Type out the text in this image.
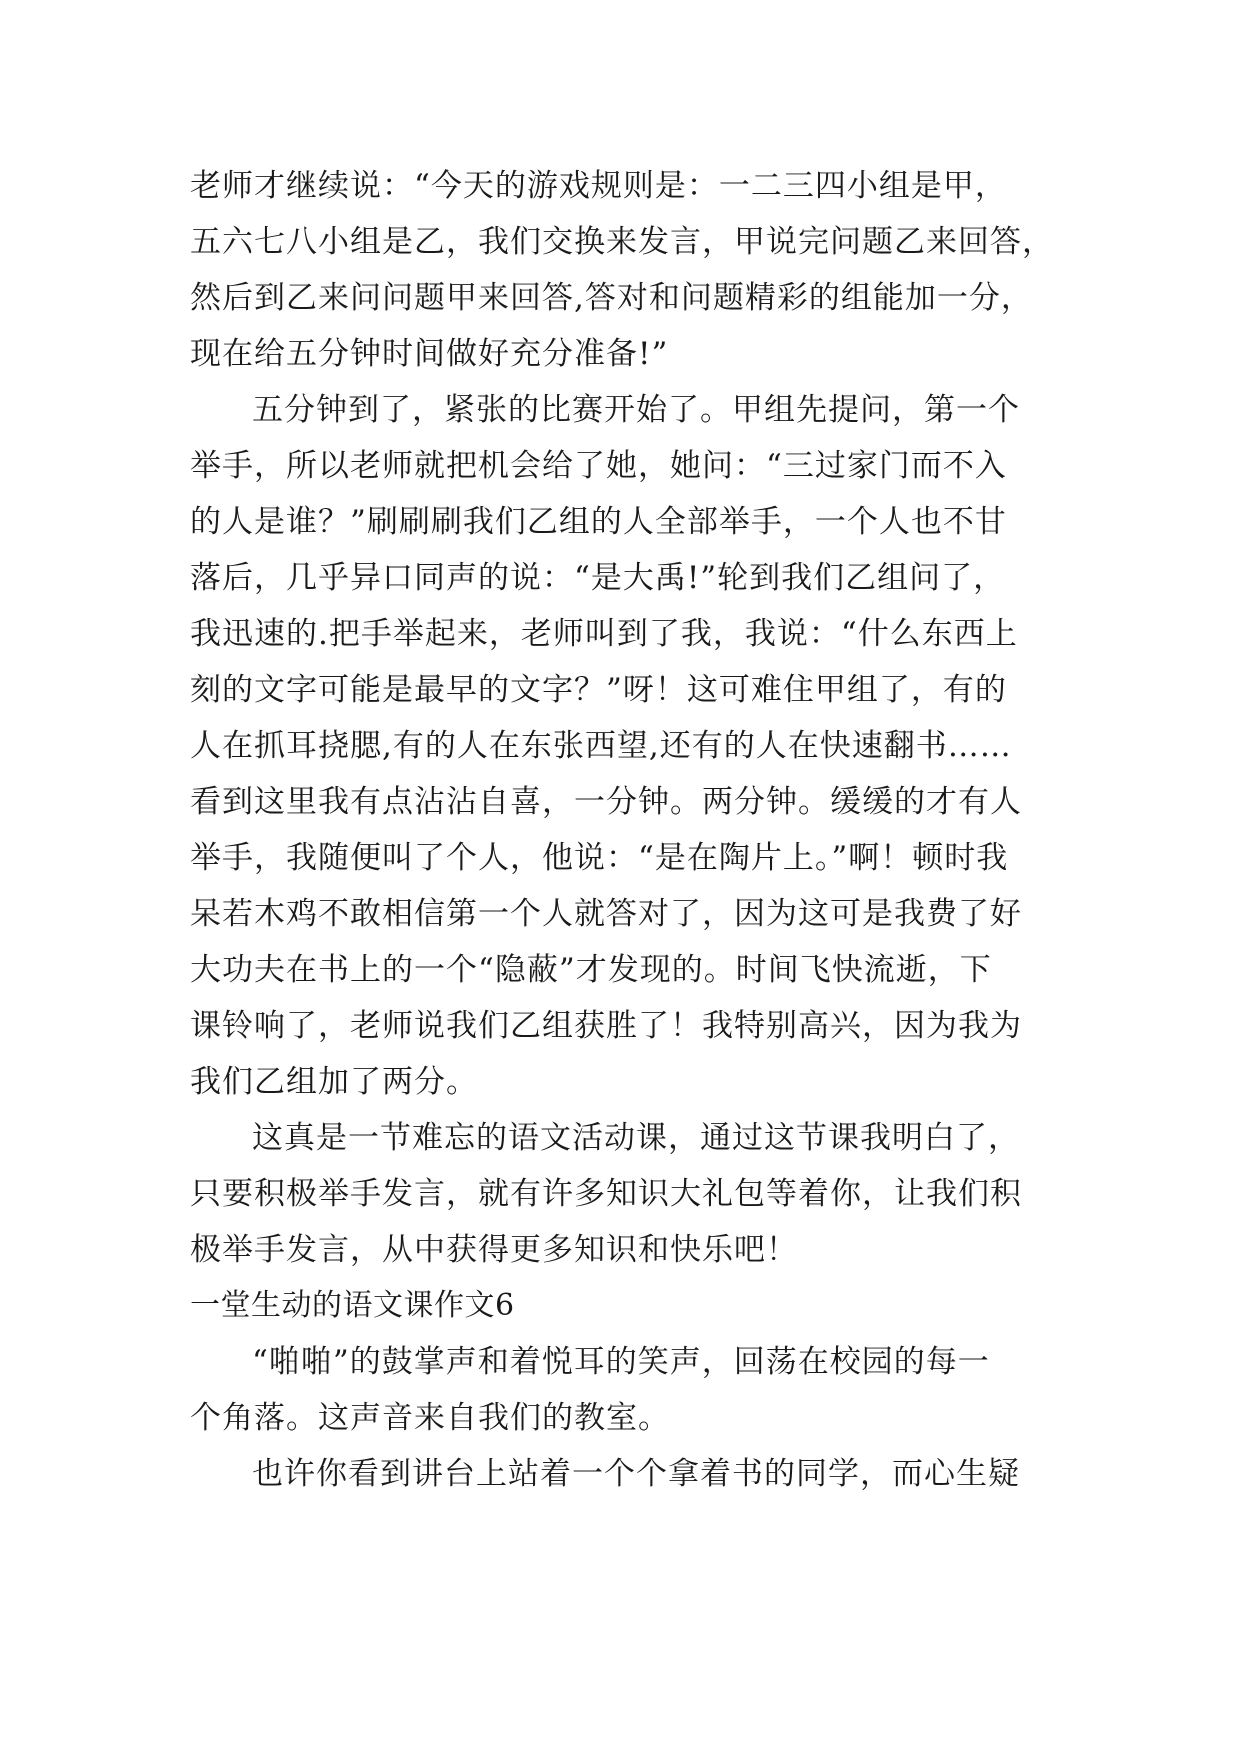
老师才继续说：“今天的游戏规则是：一二三四小组是甲，
五六七八小组是乙，我们交换来发言，甲说完问题乙来回答，
然后到乙来问问题甲来回答,答对和问题精彩的组能加一分，
现在给五分钟时间做好充分准备!”
五分钟到了，紧张的比赛开始了。甲组先提问，第一个
举手，所以老师就把机会给了她，她问：“三过家门而不入
的人是谁？”刷刷刷我们乙组的人全部举手，一个人也不甘
落后，几乎异口同声的说：“是大禹!”轮到我们乙组问了，
我迅速的.把手举起来，老师叫到了我，我说：“什么东西上
刻的文字可能是最早的文字？”呀！这可难住甲组了，有的
人在抓耳挠腮,有的人在东张西望,还有的人在快速翻书……
看到这里我有点沾沾自喜，一分钟。两分钟。缓缓的才有人
举手，我随便叫了个人，他说：“是在陶片上。”啊！顿时我
呆若木鸡不敢相信第一个人就答对了，因为这可是我费了好
大功夫在书上的一个“隐蔽”才发现的。时间飞快流逝，下
课铃响了，老师说我们乙组获胜了！我特别高兴，因为我为
我们乙组加了两分。
这真是一节难忘的语文活动课，通过这节课我明白了，
只要积极举手发言，就有许多知识大礼包等着你，让我们积
极举手发言，从中获得更多知识和快乐吧！
一堂生动的语文课作文6
“啪啪”的鼓掌声和着悦耳的笑声，回荡在校园的每一
个角落。这声音来自我们的教室。
也许你看到讲台上站着一个个拿着书的同学，而心生疑
